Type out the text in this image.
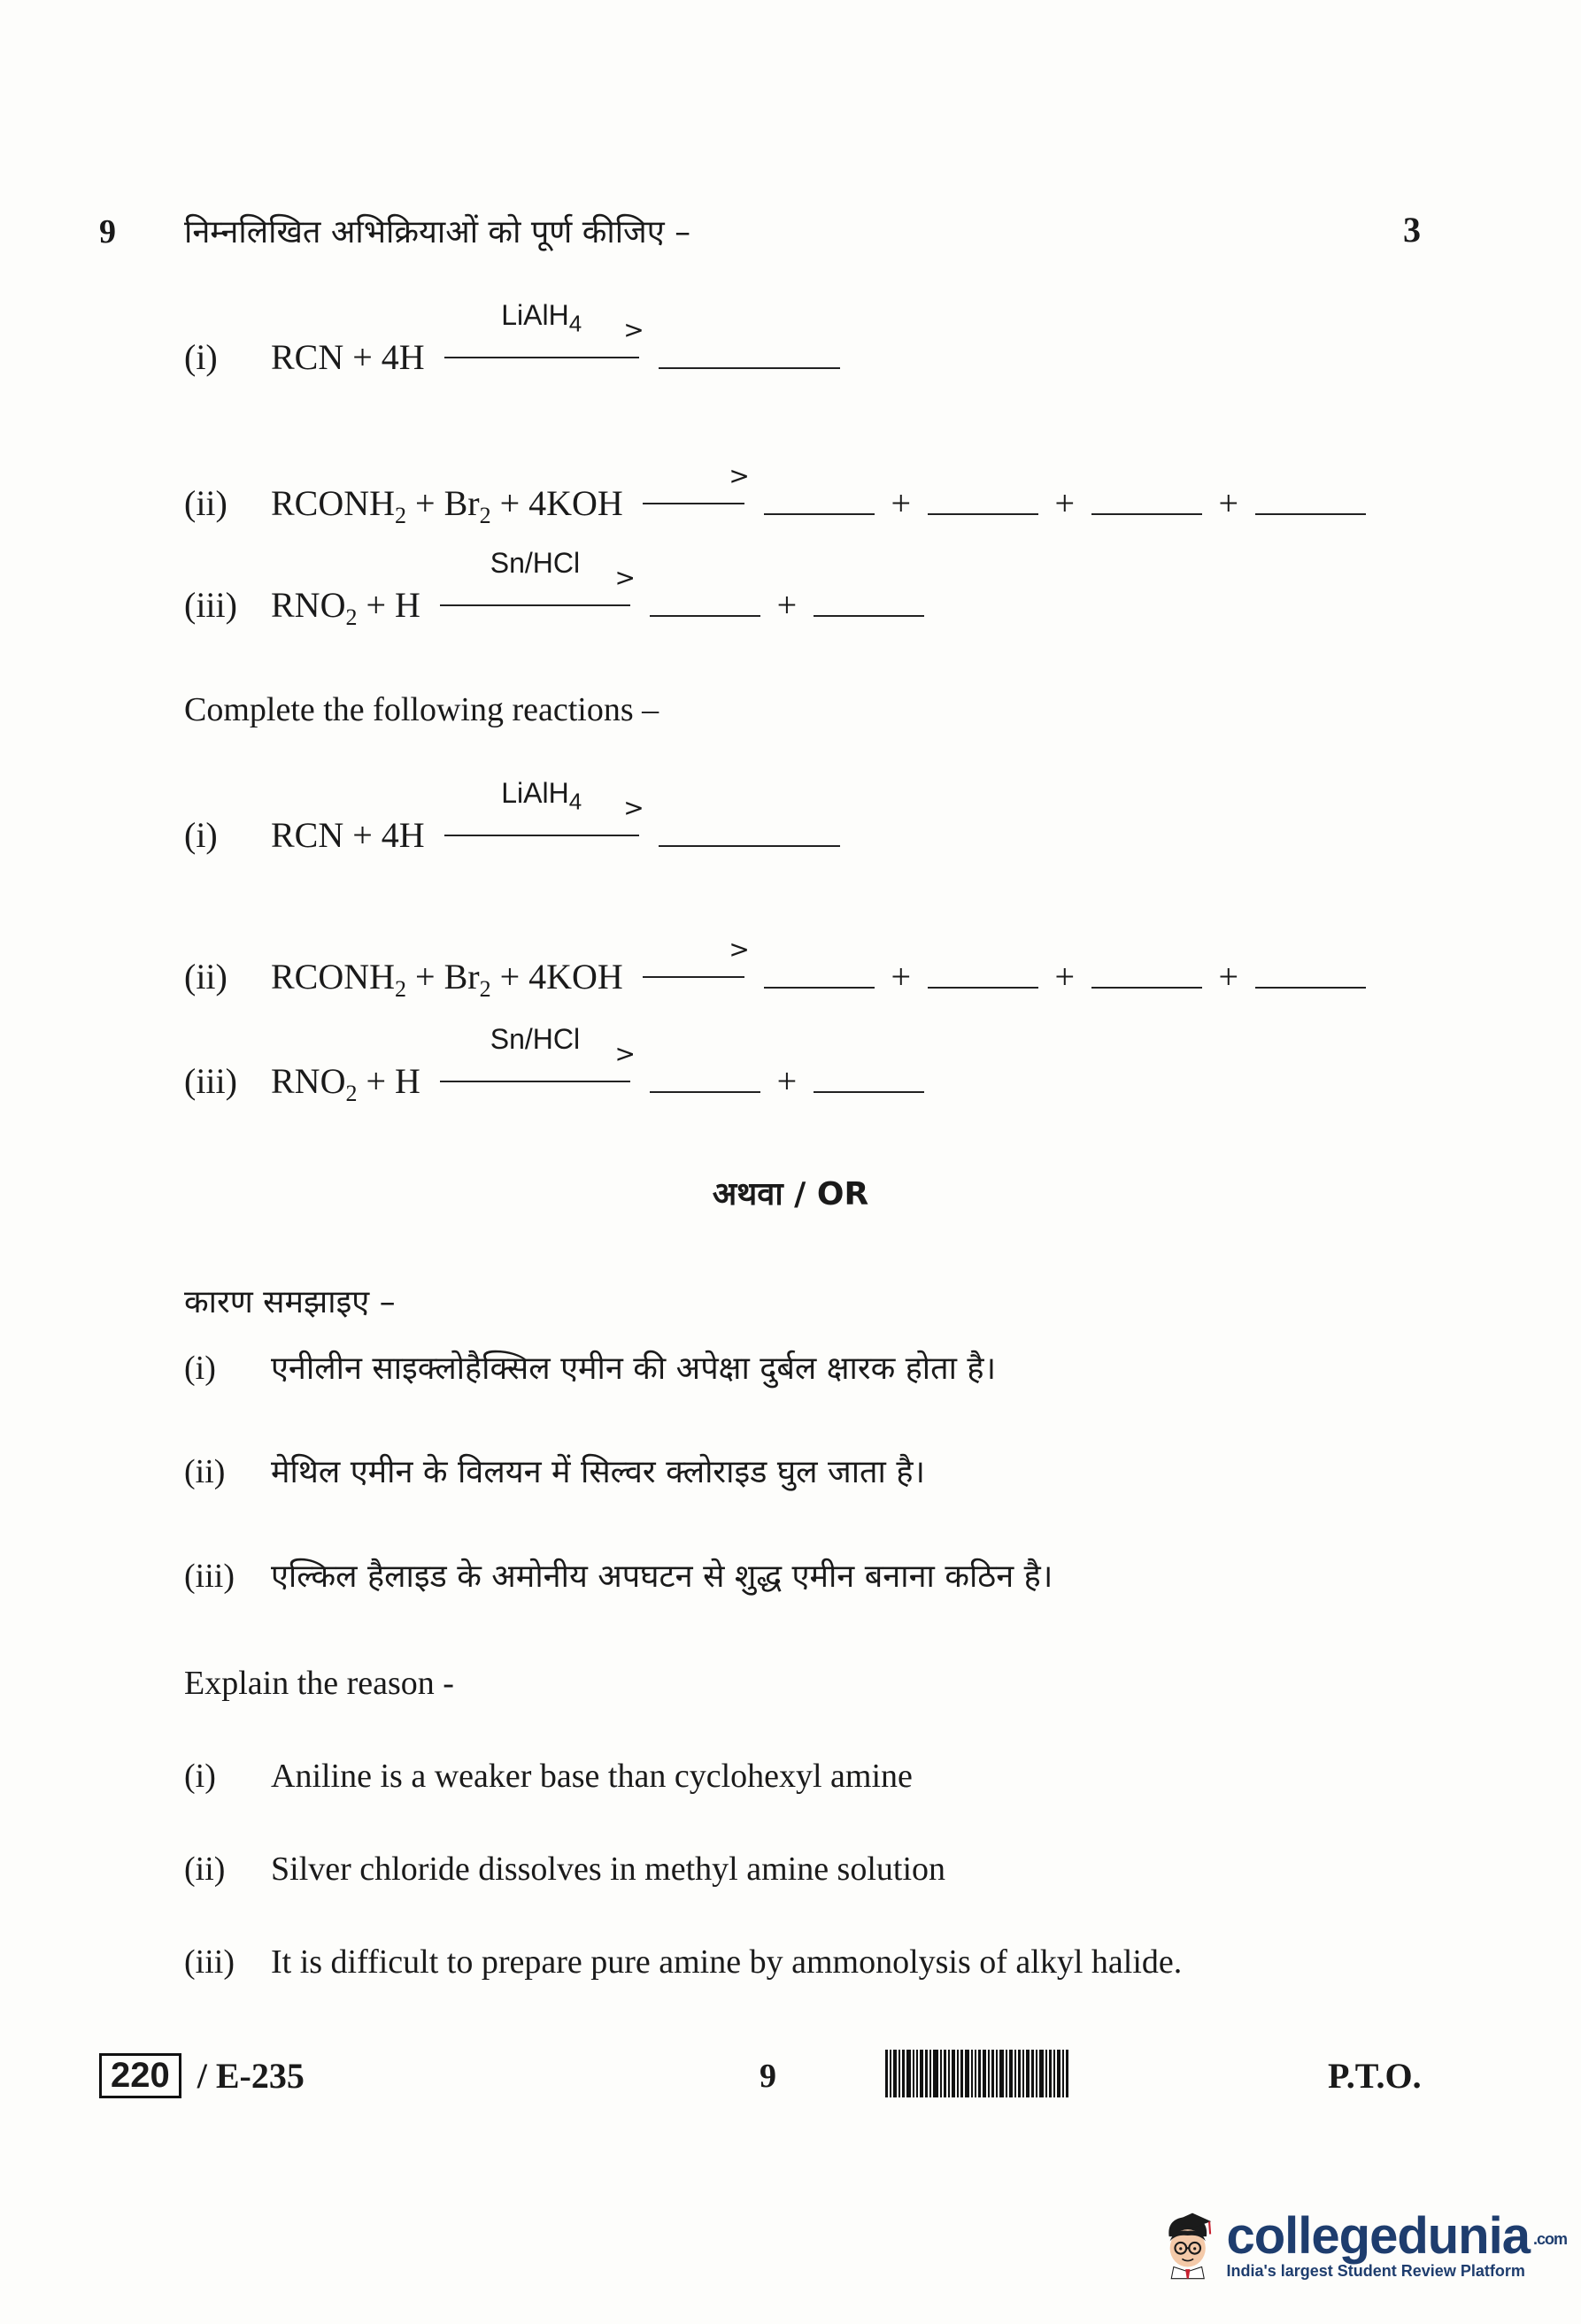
9 निम्नलिखित अभिक्रियाओं को पूर्ण कीजिए –	3
(i)	RCN + 4H
LiAlH$_4$	>
(ii)	$RCONH_2 + Br_2 + 4KOH$
>
+	+	+
(iii) $RNO_2 + H$
Sn/HCl	>
+
Complete the following reactions –
(i)	RCN + 4H
LiAlH$_4$	>
(ii)	$RCONH_2 + Br_2 + 4KOH$
>
+	+	+
(iii) $RNO_2 + H$
Sn/HCl	>
+
अथवा / OR
कारण समझाइए –
(i)	एनीलीन साइक्लोहैक्सिल एमीन की अपेक्षा दुर्बल क्षारक होता है।
(ii)	मेथिल एमीन के विलयन में सिल्वर क्लोराइड घुल जाता है।
(iii)	एल्किल हैलाइड के अमोनीय अपघटन से शुद्ध एमीन बनाना कठिन है।
Explain the reason -
(i)	Aniline is a weaker base than cyclohexyl amine
(ii)	Silver chloride dissolves in methyl amine solution
(iii)	It is difficult to prepare pure amine by ammonolysis of alkyl halide.
220 / E-235	9	P.T.O.
collegedunia .com
India's largest Student Review Platform
